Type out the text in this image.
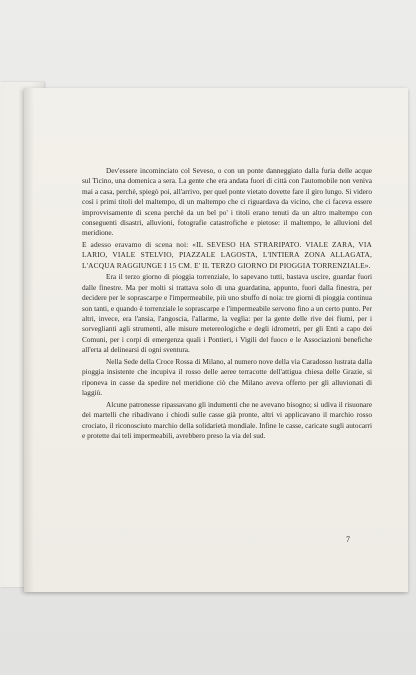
Dev'essere incominciato col Seveso, o con un ponte danneggiato dalla furia delle acque sul Ticino, una domenica a sera. La gente che era andata fuori di città con l'automobile non veniva mai a casa, perchè, spiegò poi, all'arrivo, per quel ponte vietato dovette fare il giro lungo. Si videro così i primi titoli del maltempo, di un maltempo che ci riguardava da vicino, che ci faceva essere improvvisamente di scena perchè da un bel po' i titoli erano tenuti da un altro maltempo con conseguenti disastri, alluvioni, fotografie catastrofiche e pietose: il maltempo, le alluvioni del meridione.

E adesso eravamo di scena noi: «IL SEVESO HA STRARIPATO. VIALE ZARA, VIA LARIO, VIALE STELVIO, PIAZZALE LAGOSTA, L'INTIERA ZONA ALLAGATA, L'ACQUA RAGGIUNGE I 15 CM. E' IL TERZO GIORNO DI PIOGGIA TORRENZIALE».

Era il terzo giorno di pioggia torrenziale, lo sapevano tutti, bastava uscire, guardar fuori dalle finestre. Ma per molti si trattava solo di una guardatina, appunto, fuori dalla finestra, per decidere per le soprascarpe e l'impermeabile, più uno sbuffo di noia: tre giorni di pioggia continua son tanti, e quando è torrenziale le soprascarpe e l'impermeabile servono fino a un certo punto. Per altri, invece, era l'ansia, l'angoscia, l'allarme, la veglia: per la gente delle rive dei fiumi, per i sorveglianti agli strumenti, alle misure metereologiche e degli idrometri, per gli Enti a capo dei Comuni, per i corpi di emergenza quali i Pontieri, i Vigili del fuoco e le Associazioni benefiche all'erta al delinearsi di ogni sventura.

Nella Sede della Croce Rossa di Milano, al numero nove della via Caradosso lustrata dalla pioggia insistente che incupiva il rosso delle aeree terracotte dell'attigua chiesa delle Grazie, si riponeva in casse da spedire nel meridione ciò che Milano aveva offerto per gli alluvionati di laggiù.

Alcune patronesse ripassavano gli indumenti che ne avevano bisogno; si udiva il risuonare dei martelli che ribadivano i chiodi sulle casse già pronte, altri vi applicavano il marchio rosso crociato, il riconosciuto marchio della solidarietà mondiale. Infine le casse, caricate sugli autocarri e protette dai teli impermeabili, avrebbero preso la via del sud.

7
